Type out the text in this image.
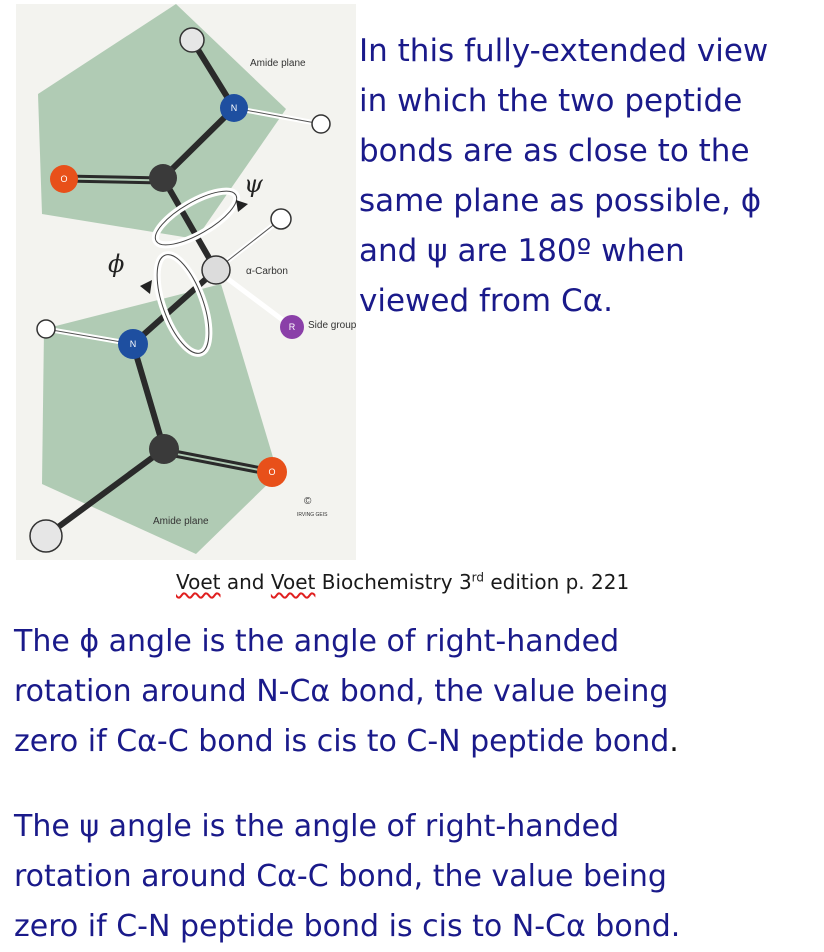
N
O
N
O
R
Amide plane
α-Carbon
Side group
Amide plane
ψ
ϕ
©
IRVING GEIS

In this fully-extended view
in which the two peptide
bonds are as close to the
same plane as possible, ϕ
and ψ are 180º when
viewed from Cα.

Voet and Voet Biochemistry 3rd edition p. 221

The ϕ angle is the angle of right-handed
rotation around N-Cα bond, the value being
zero if Cα-C bond is cis to C-N peptide bond.

The ψ angle is the angle of right-handed
rotation around Cα-C bond, the value being
zero if C-N peptide bond is cis to N-Cα bond.
